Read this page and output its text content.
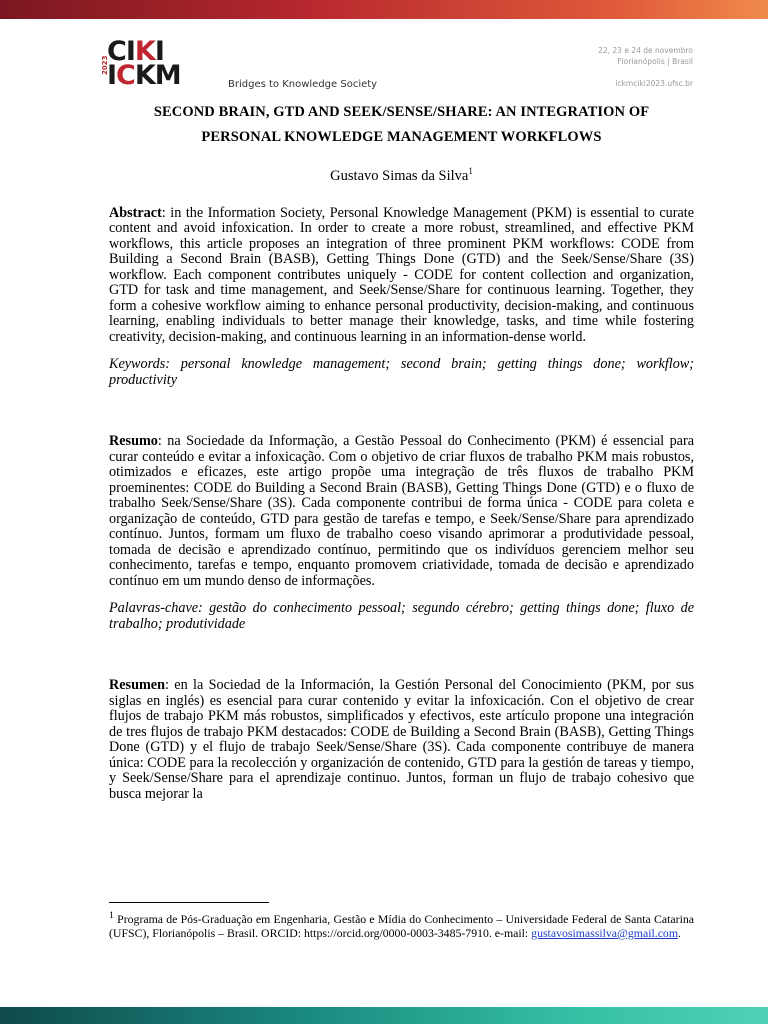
CIKI
ICKM
2023
Bridges to Knowledge Society
22, 23 e 24 de novembro
Florianópolis | Brasil
ickmciki2023.ufsc.br

SECOND BRAIN, GTD AND SEEK/SENSE/SHARE: AN INTEGRATION OF
PERSONAL KNOWLEDGE MANAGEMENT WORKFLOWS

Gustavo Simas da Silva$^1$

Abstract: in the Information Society, Personal Knowledge Management (PKM) is essential to curate content and avoid infoxication. In order to create a more robust, streamlined, and effective PKM workflows, this article proposes an integration of three prominent PKM workflows: CODE from Building a Second Brain (BASB), Getting Things Done (GTD) and the Seek/Sense/Share (3S) workflow. Each component contributes uniquely - CODE for content collection and organization, GTD for task and time management, and Seek/Sense/Share for continuous learning. Together, they form a cohesive workflow aiming to enhance personal productivity, decision-making, and continuous learning, enabling individuals to better manage their knowledge, tasks, and time while fostering creativity, decision-making, and continuous learning in an information-dense world.

Keywords: personal knowledge management; second brain; getting things done; workflow; productivity

Resumo: na Sociedade da Informação, a Gestão Pessoal do Conhecimento (PKM) é essencial para curar conteúdo e evitar a infoxicação. Com o objetivo de criar fluxos de trabalho PKM mais robustos, otimizados e eficazes, este artigo propõe uma integração de três fluxos de trabalho PKM proeminentes: CODE do Building a Second Brain (BASB), Getting Things Done (GTD) e o fluxo de trabalho Seek/Sense/Share (3S). Cada componente contribui de forma única - CODE para coleta e organização de conteúdo, GTD para gestão de tarefas e tempo, e Seek/Sense/Share para aprendizado contínuo. Juntos, formam um fluxo de trabalho coeso visando aprimorar a produtividade pessoal, tomada de decisão e aprendizado contínuo, permitindo que os indivíduos gerenciem melhor seu conhecimento, tarefas e tempo, enquanto promovem criatividade, tomada de decisão e aprendizado contínuo em um mundo denso de informações.

Palavras-chave: gestão do conhecimento pessoal; segundo cérebro; getting things done; fluxo de trabalho; produtividade

Resumen: en la Sociedad de la Información, la Gestión Personal del Conocimiento (PKM, por sus siglas en inglés) es esencial para curar contenido y evitar la infoxicación. Con el objetivo de crear flujos de trabajo PKM más robustos, simplificados y efectivos, este artículo propone una integración de tres flujos de trabajo PKM destacados: CODE de Building a Second Brain (BASB), Getting Things Done (GTD) y el flujo de trabajo Seek/Sense/Share (3S). Cada componente contribuye de manera única: CODE para la recolección y organización de contenido, GTD para la gestión de tareas y tiempo, y Seek/Sense/Share para el aprendizaje continuo. Juntos, forman un flujo de trabajo cohesivo que busca mejorar la

$^1$ Programa de Pós-Graduação em Engenharia, Gestão e Mídia do Conhecimento – Universidade Federal de Santa Catarina (UFSC), Florianópolis – Brasil. ORCID: https://orcid.org/0000-0003-3485-7910. e-mail: gustavosimassilva@gmail.com.
